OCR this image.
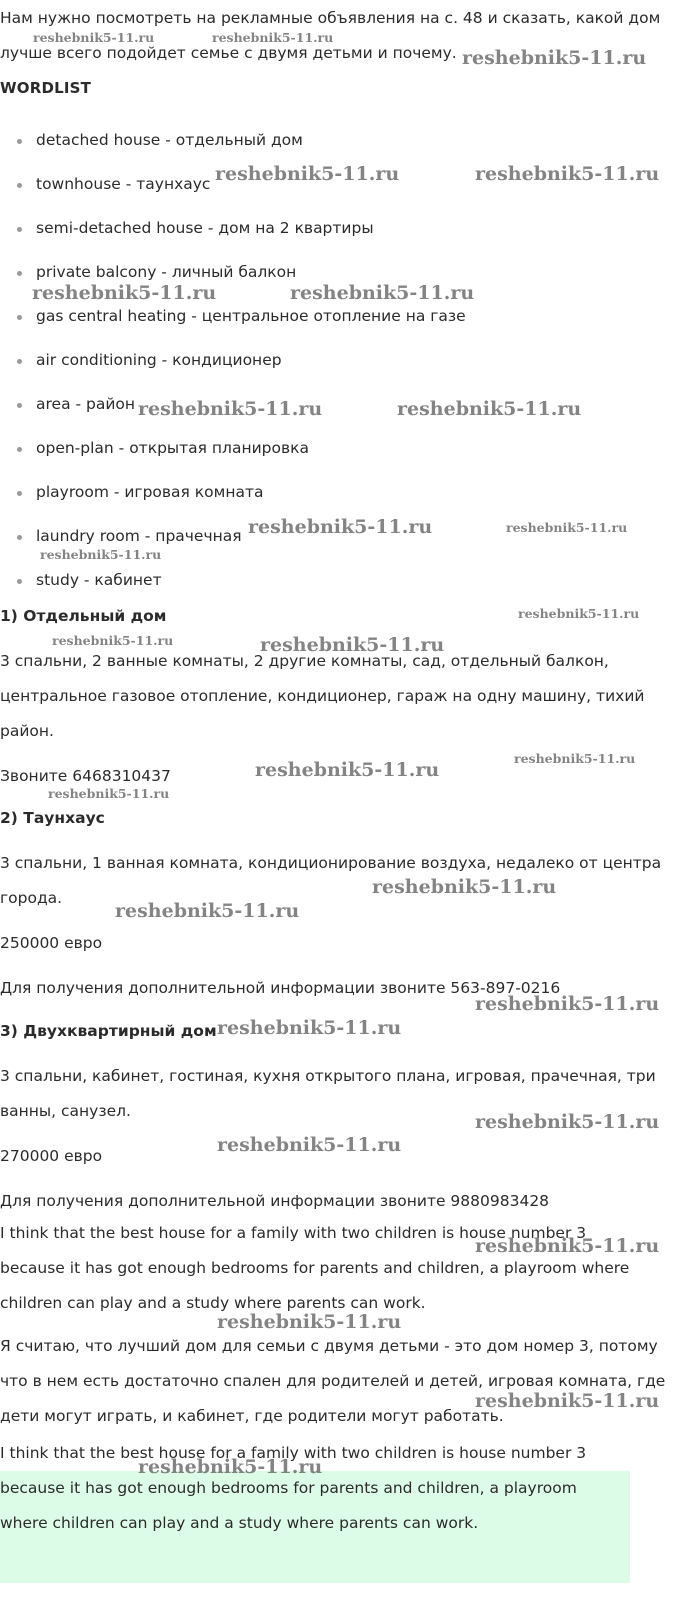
Нам нужно посмотреть на рекламные объявления на с. 48 и сказать, какой дом
лучше всего подойдет семье с двумя детьми и почему.
WORDLIST
detached house - отдельный дом
townhouse - таунхаус
semi-detached house - дом на 2 квартиры
private balcony - личный балкон
gas central heating - центральное отопление на газе
air conditioning - кондиционер
area - район
open-plan - открытая планировка
playroom - игровая комната
laundry room - прачечная
study - кабинет
1) Отдельный дом
3 спальни, 2 ванные комнаты, 2 другие комнаты, сад, отдельный балкон,
центральное газовое отопление, кондиционер, гараж на одну машину, тихий
район.
Звоните 6468310437
2) Таунхаус
3 спальни, 1 ванная комната, кондиционирование воздуха, недалеко от центра
города.
250000 евро
Для получения дополнительной информации звоните 563-897-0216
3) Двухквартирный дом
3 спальни, кабинет, гостиная, кухня открытого плана, игровая, прачечная, три
ванны, санузел.
270000 евро
Для получения дополнительной информации звоните 9880983428
I think that the best house for a family with two children is house number 3
because it has got enough bedrooms for parents and children, a playroom where
children can play and a study where parents can work.
Я считаю, что лучший дом для семьи с двумя детьми - это дом номер 3, потому
что в нем есть достаточно спален для родителей и детей, игровая комната, где
дети могут играть, и кабинет, где родители могут работать.
I think that the best house for a family with two children is house number 3
because it has got enough bedrooms for parents and children, a playroom
where children can play and a study where parents can work.
reshebnik5-11.ru	reshebnik5-11.ru
reshebnik5-11.ru
reshebnik5-11.ru	reshebnik5-11.ru
reshebnik5-11.ru	reshebnik5-11.ru
reshebnik5-11.ru	reshebnik5-11.ru
reshebnik5-11.ru	reshebnik5-11.ru
reshebnik5-11.ru
reshebnik5-11.ru
reshebnik5-11.ru	reshebnik5-11.ru
reshebnik5-11.ru
reshebnik5-11.ru
reshebnik5-11.ru
reshebnik5-11.ru
reshebnik5-11.ru
reshebnik5-11.ru
reshebnik5-11.ru
reshebnik5-11.ru
reshebnik5-11.ru
reshebnik5-11.ru
reshebnik5-11.ru
reshebnik5-11.ru
reshebnik5-11.ru
